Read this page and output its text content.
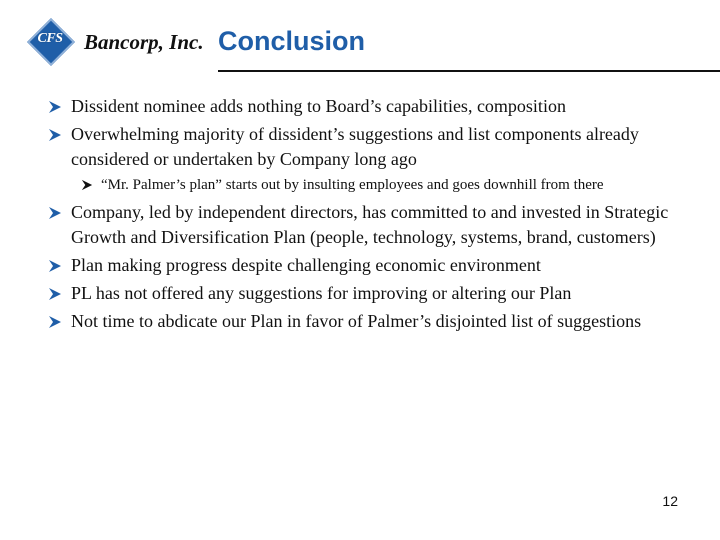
CFS	Bancorp, Inc. Conclusion
Dissident nominee adds nothing to Board’s capabilities, composition
Overwhelming majority of dissident’s suggestions and list components already considered or undertaken by Company long ago
“Mr. Palmer’s plan” starts out by insulting employees and goes downhill from there
Company, led by independent directors, has committed to and invested in Strategic Growth and Diversification Plan (people, technology, systems, brand, customers)
Plan making progress despite challenging economic environment
PL has not offered any suggestions for improving or altering our Plan
Not time to abdicate our Plan in favor of Palmer’s disjointed list of suggestions
12
